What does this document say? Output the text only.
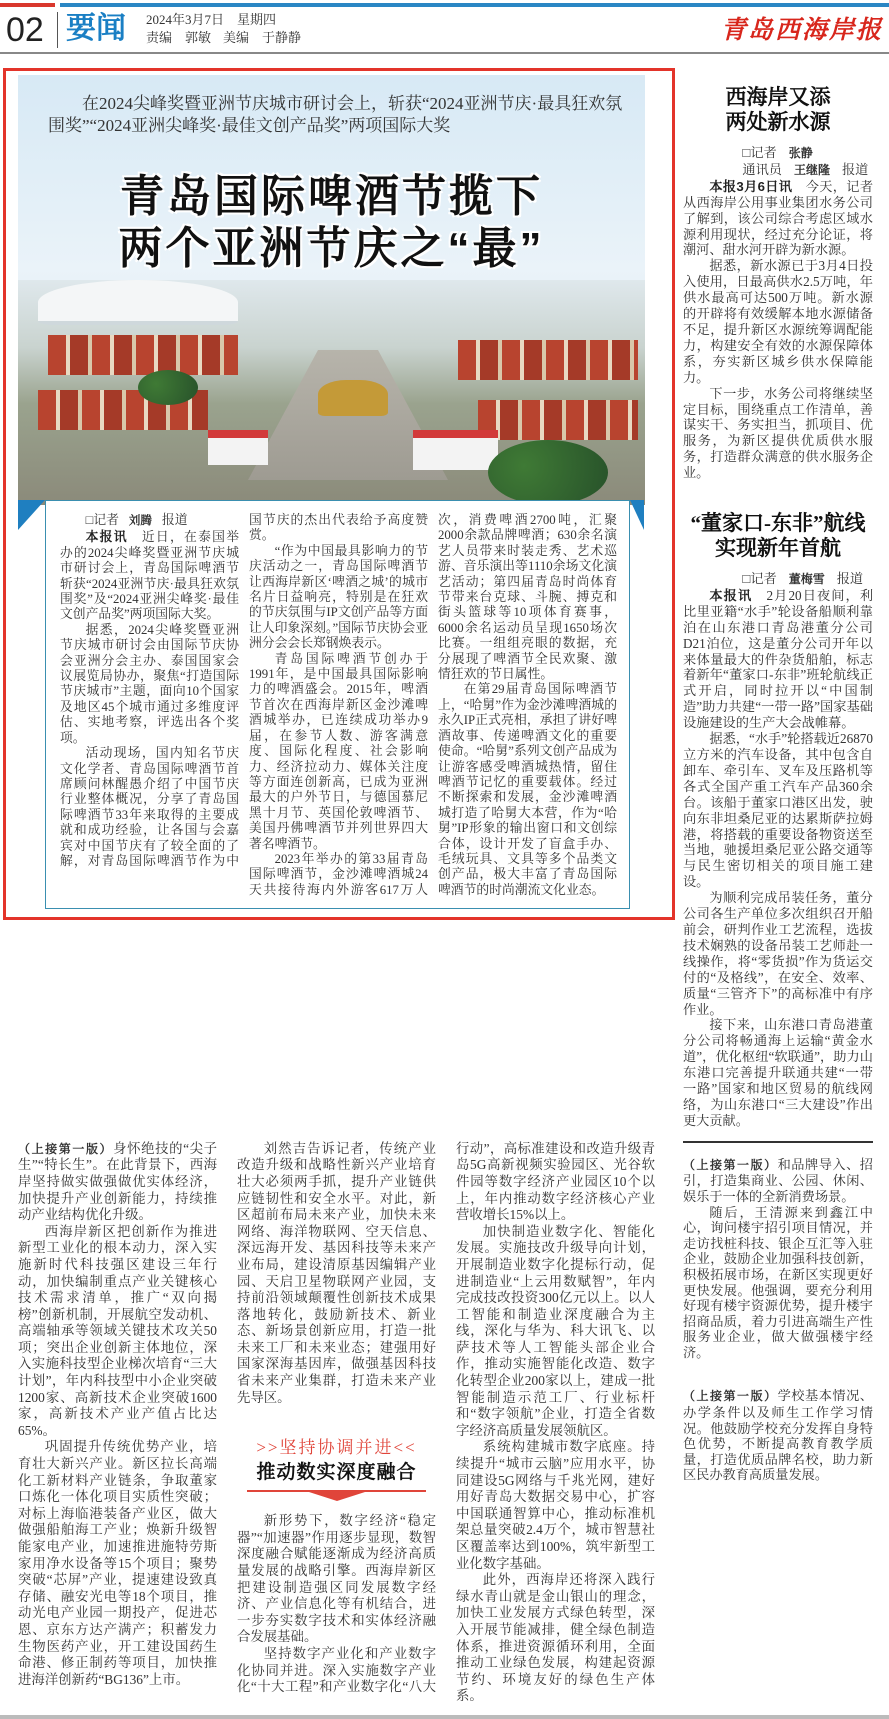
02 要闻 2024年3月7日　星期四
责编　郭敏 美编　于静静	青岛西海岸报
在2024尖峰奖暨亚洲节庆城市研讨会上，斩获“2024亚洲节庆·最具狂欢氛围奖”“2024亚洲尖峰奖·最佳文创产品奖”两项国际大奖
青岛国际啤酒节揽下
两个亚洲节庆之“最”

□记者 刘腾 报道

本报讯　近日，在泰国举办的2024尖峰奖暨亚洲节庆城市研讨会上，青岛国际啤酒节斩获“2024亚洲节庆·最具狂欢氛围奖”及“2024亚洲尖峰奖·最佳文创产品奖”两项国际大奖。

据悉，2024尖峰奖暨亚洲节庆城市研讨会由国际节庆协会亚洲分会主办、泰国国家会议展览局协办，聚焦“打造国际节庆城市”主题，面向10个国家及地区45个城市通过多维度评估、实地考察，评选出各个奖项。

活动现场，国内知名节庆文化学者、青岛国际啤酒节首席顾问林醒愚介绍了中国节庆行业整体概况，分享了青岛国际啤酒节33年来取得的主要成就和成功经验，让各国与会嘉宾对中国节庆有了较全面的了解，对青岛国际啤酒节作为中国节庆的杰出代表给予高度赞赏。

“作为中国最具影响力的节庆活动之一，青岛国际啤酒节让西海岸新区‘啤酒之城’的城市名片日益响亮，特别是在狂欢的节庆氛围与IP文创产品等方面让人印象深刻。”国际节庆协会亚洲分会会长郑钢焕表示。

青岛国际啤酒节创办于1991年，是中国最具国际影响力的啤酒盛会。2015年，啤酒节首次在西海岸新区金沙滩啤酒城举办，已连续成功举办9届，在参节人数、游客满意度、国际化程度、社会影响力、经济拉动力、媒体关注度等方面连创新高，已成为亚洲最大的户外节日，与德国慕尼黑十月节、英国伦敦啤酒节、美国丹佛啤酒节并列世界四大著名啤酒节。

2023年举办的第33届青岛国际啤酒节，金沙滩啤酒城24天共接待海内外游客617万人次，消费啤酒2700吨，汇聚2000余款品牌啤酒；630余名演艺人员带来时装走秀、艺术巡游、音乐演出等1110余场文化演艺活动；第四届青岛时尚体育节带来台克球、斗腕、搏克和街头篮球等10项体育赛事，6000余名运动员呈现1650场次比赛。一组组亮眼的数据，充分展现了啤酒节全民欢聚、激情狂欢的节日属性。

在第29届青岛国际啤酒节上，“哈舅”作为金沙滩啤酒城的永久IP正式亮相，承担了讲好啤酒故事、传递啤酒文化的重要使命。“哈舅”系列文创产品成为让游客感受啤酒城热情，留住啤酒节记忆的重要载体。经过不断探索和发展，金沙滩啤酒城打造了哈舅大本营，作为“哈舅”IP形象的输出窗口和文创综合体，设计开发了盲盒手办、毛绒玩具、文具等多个品类文创产品，极大丰富了青岛国际啤酒节的时尚潮流文化业态。

西海岸又添
两处新水源

□记者 张静

通讯员 王继隆 报道

本报3月6日讯　今天，记者从西海岸公用事业集团水务公司了解到，该公司综合考虑区域水源利用现状，经过充分论证，将潮河、甜水河开辟为新水源。

据悉，新水源已于3月4日投入使用，日最高供水2.5万吨，年供水最高可达500万吨。新水源的开辟将有效缓解本地水源储备不足，提升新区水源统筹调配能力，构建安全有效的水源保障体系，夯实新区城乡供水保障能力。

下一步，水务公司将继续坚定目标，围绕重点工作清单，善谋实干、务实担当，抓项目、优服务，为新区提供优质供水服务，打造群众满意的供水服务企业。

“董家口-东非”航线
实现新年首航

□记者 董梅雪 报道

本报讯　2月20日夜间，利比里亚籍“水手”轮设备船顺利靠泊在山东港口青岛港董分公司D21泊位，这是董分公司开年以来体量最大的件杂货船舶，标志着新年“董家口-东非”班轮航线正式开启，同时拉开以“中国制造”助力共建“一带一路”国家基础设施建设的生产大会战帷幕。

据悉，“水手”轮搭载近26870立方米的汽车设备，其中包含自卸车、牵引车、叉车及压路机等各式全国产重工汽车产品360余台。该船于董家口港区出发，驶向东非坦桑尼亚的达累斯萨拉姆港，将搭载的重要设备物资送至当地，驰援坦桑尼亚公路交通等与民生密切相关的项目施工建设。

为顺利完成吊装任务，董分公司各生产单位多次组织召开船前会，研判作业工艺流程，选拔技术娴熟的设备吊装工艺师赴一线操作，将“零货损”作为货运交付的“及格线”，在安全、效率、质量“三管齐下”的高标准中有序作业。

接下来，山东港口青岛港董分公司将畅通海上运输“黄金水道”，优化枢纽“软联通”，助力山东港口完善提升联通共建“一带一路”国家和地区贸易的航线网络，为山东港口“三大建设”作出更大贡献。

（上接第一版）身怀绝技的“尖子生”“特长生”。在此背景下，西海岸坚持做实做强做优实体经济，加快提升产业创新能力，持续推动产业结构优化升级。

西海岸新区把创新作为推进新型工业化的根本动力，深入实施新时代科技强区建设三年行动，加快编制重点产业关键核心技术需求清单，推广“双向揭榜”创新机制，开展航空发动机、高端轴承等领域关键技术攻关50项；突出企业创新主体地位，深入实施科技型企业梯次培育“三大计划”，年内科技型中小企业突破1200家、高新技术企业突破1600家，高新技术产业产值占比达65%。

巩固提升传统优势产业，培育壮大新兴产业。新区拉长高端化工新材料产业链条，争取董家口炼化一体化项目实质性突破；对标上海临港装备产业区，做大做强船舶海工产业；焕新升级智能家电产业，加速推进施特劳斯家用净水设备等15个项目；聚势突破“芯屏”产业，提速建设致真存储、融安光电等18个项目，推动光电产业园一期投产，促进芯恩、京东方达产满产；积蓄发力生物医药产业，开工建设国药生命港、修正制药等项目，加快推进海洋创新药“BG136”上市。

刘然吉告诉记者，传统产业改造升级和战略性新兴产业培育壮大必须两手抓，提升产业链供应链韧性和安全水平。对此，新区超前布局未来产业，加快未来网络、海洋物联网、空天信息、深远海开发、基因科技等未来产业布局，建设清原基因编辑产业园、天启卫星物联网产业园，支持前沿领域颠覆性创新技术成果落地转化，鼓励新技术、新业态、新场景创新应用，打造一批未来工厂和未来业态；建强用好国家深海基因库，做强基因科技省未来产业集群，打造未来产业先导区。

>>坚持协调并进<<
推动数实深度融合

新形势下，数字经济“稳定器”“加速器”作用逐步显现，数智深度融合赋能逐渐成为经济高质量发展的战略引擎。西海岸新区把建设制造强区同发展数字经济、产业信息化等有机结合，进一步夯实数字技术和实体经济融合发展基础。

坚持数字产业化和产业数字化协同并进。深入实施数字产业化“十大工程”和产业数字化“八大行动”，高标准建设和改造升级青岛5G高新视频实验园区、光谷软件园等数字经济产业园区10个以上，年内推动数字经济核心产业营收增长15%以上。

加快制造业数字化、智能化发展。实施技改升级导向计划，开展制造业数字化提标行动，促进制造业“上云用数赋智”，年内完成技改投资300亿元以上。以人工智能和制造业深度融合为主线，深化与华为、科大讯飞、以萨技术等人工智能头部企业合作，推动实施智能化改造、数字化转型企业200家以上，建成一批智能制造示范工厂、行业标杆和“数字领航”企业，打造全省数字经济高质量发展领航区。

系统构建城市数字底座。持续提升“城市云脑”应用水平，协同建设5G网络与千兆光网，建好用好青岛大数据交易中心，扩容中国联通智算中心，推动标准机架总量突破2.4万个，城市智慧社区覆盖率达到100%，筑牢新型工业化数字基础。

此外，西海岸还将深入践行绿水青山就是金山银山的理念，加快工业发展方式绿色转型，深入开展节能减排，健全绿色制造体系，推进资源循环利用，全面推动工业绿色发展，构建起资源节约、环境友好的绿色生产体系。

（上接第一版）和品牌导入、招引，打造集商业、公园、休闲、娱乐于一体的全新消费场景。

随后，王清源来到鑫江中心，询问楼宇招引项目情况，并走访找桩科技、银企互汇等入驻企业，鼓励企业加强科技创新，积极拓展市场，在新区实现更好更快发展。他强调，要充分利用好现有楼宇资源优势，提升楼宇招商品质，着力引进高端生产性服务业企业，做大做强楼宇经济。

（上接第一版）学校基本情况、办学条件以及师生工作学习情况。他鼓励学校充分发挥自身特色优势，不断提高教育教学质量，打造优质品牌名校，助力新区民办教育高质量发展。
